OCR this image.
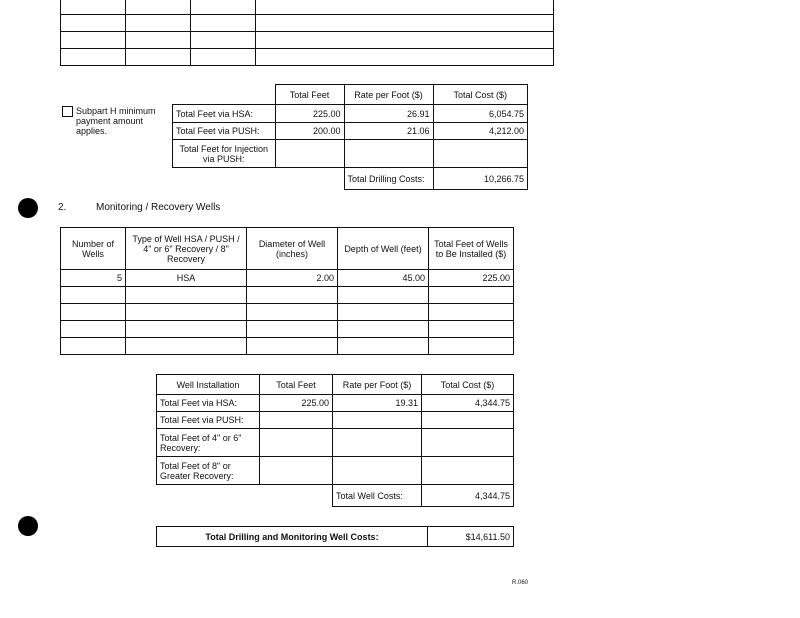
Subpart H minimum payment amount applies.
	Total Feet	Rate per Foot ($)	Total Cost ($)
Total Feet via HSA:	225.00	26.91	6,054.75
Total Feet via PUSH:	200.00	21.06	4,212.00
Total Feet for Injection via PUSH:			
		Total Drilling Costs:	10,266.75
2.	Monitoring / Recovery Wells
Number of Wells	Type of Well HSA / PUSH / 4" or 6" Recovery / 8" Recovery	Diameter of Well (inches)	Depth of Well (feet)	Total Feet of Wells to Be Installed ($)
5	HSA	2.00	45.00	225.00

Well Installation	Total Feet	Rate per Foot ($)	Total Cost ($)
Total Feet via HSA:	225.00	19.31	4,344.75
Total Feet via PUSH:			
Total Feet of 4" or 6" Recovery:			
Total Feet of 8" or Greater Recovery:			
		Total Well Costs:	4,344.75
Total Drilling and Monitoring Well Costs:	$14,611.50
R.060
